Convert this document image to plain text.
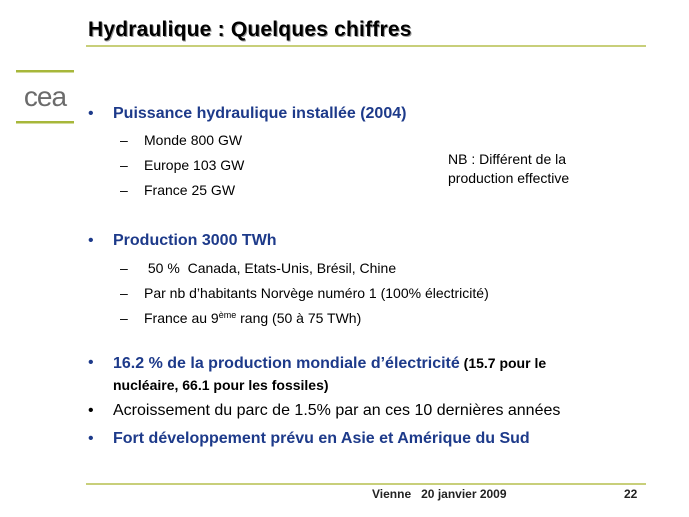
Hydraulique : Quelques chiffres
cea
• Puissance hydraulique installée (2004)
– Monde 800 GW
– Europe 103 GW
– France 25 GW
NB : Différent de la
production effective
• Production 3000 TWh
– 50 %  Canada, Etats-Unis, Brésil, Chine
– Par nb d’habitants Norvège numéro 1 (100% électricité)
– France au 9ème rang (50 à 75 TWh)
• 16.2 % de la production mondiale d’électricité (15.7 pour le
nucléaire, 66.1 pour les fossiles)
• Acroissement du parc de 1.5% par an ces 10 dernières années
• Fort développement prévu en Asie et Amérique du Sud
Vienne   20 janvier 2009	22
